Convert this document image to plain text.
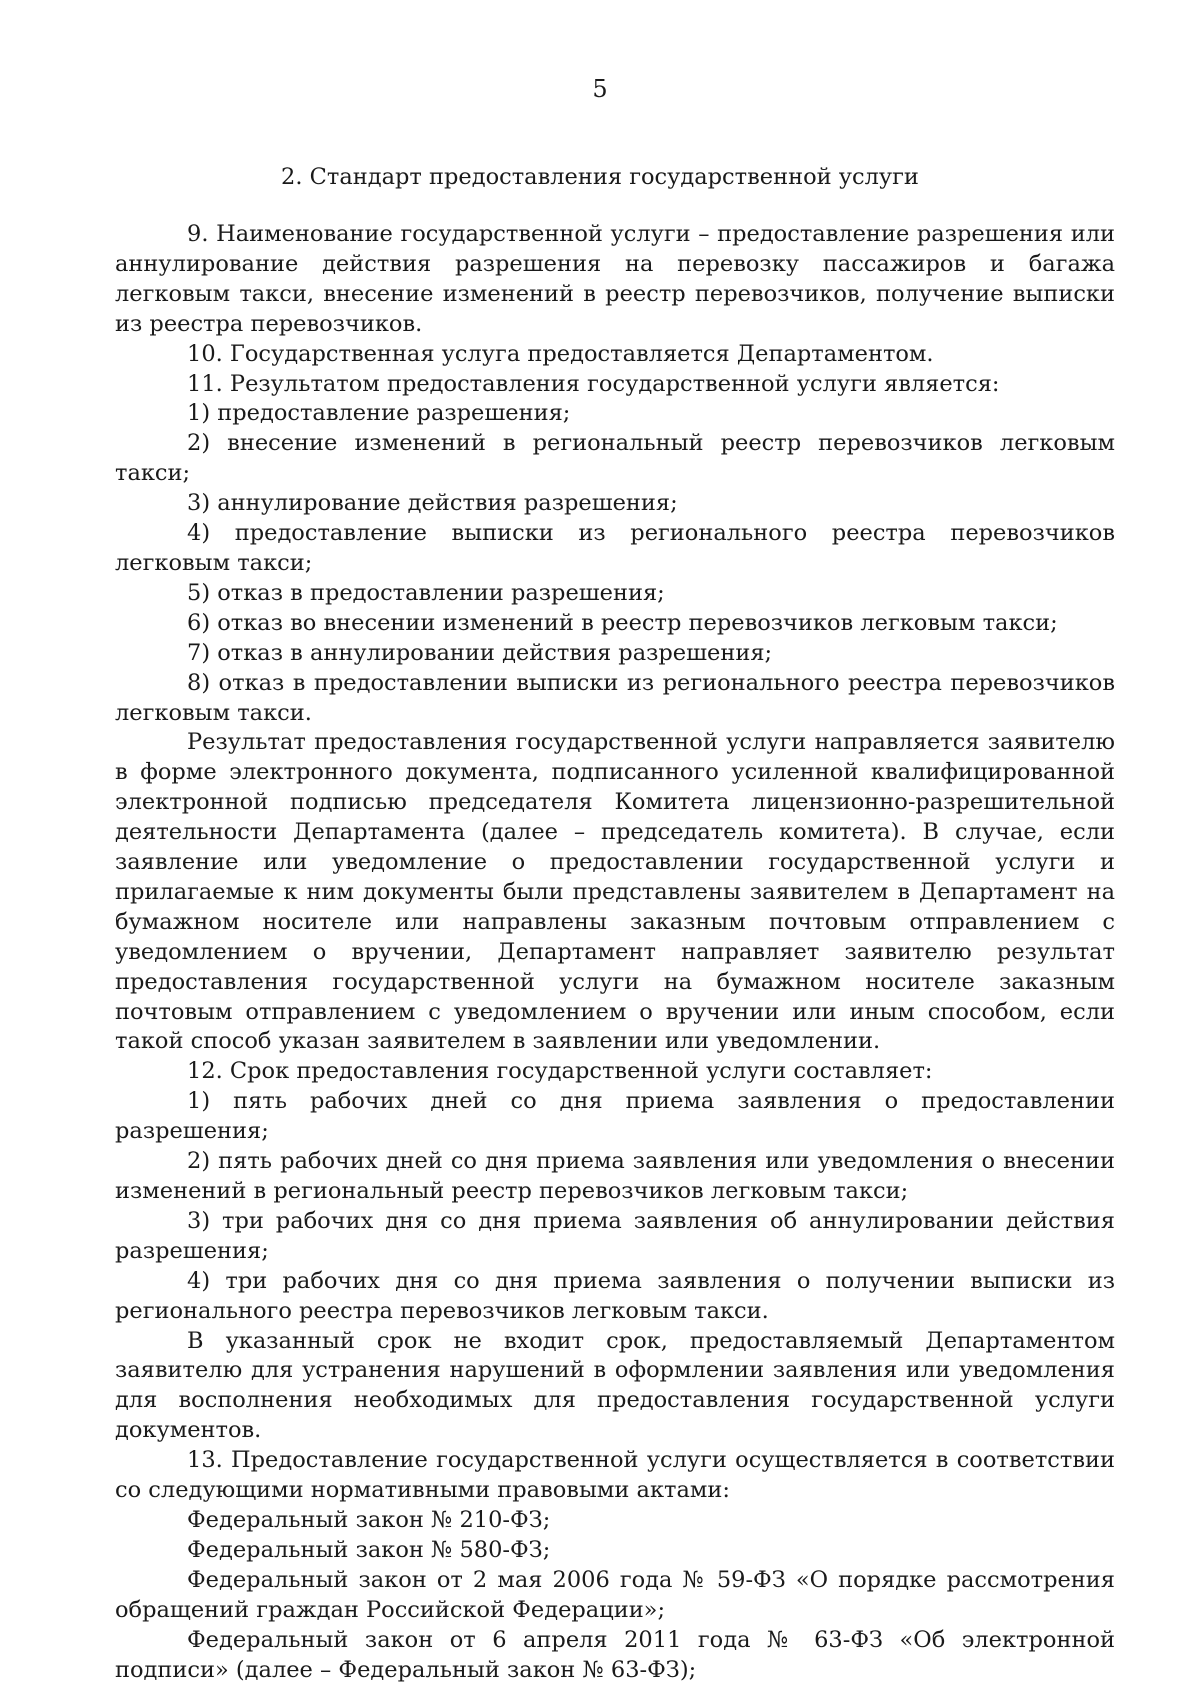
5
2. Стандарт предоставления государственной услуги

9. Наименование государственной услуги – предоставление разрешения или аннулирование действия разрешения на перевозку пассажиров и багажа легковым такси, внесение изменений в реестр перевозчиков, получение выписки из реестра перевозчиков.

10. Государственная услуга предоставляется Департаментом.

11. Результатом предоставления государственной услуги является:

1) предоставление разрешения;

2) внесение изменений в региональный реестр перевозчиков легковым такси;

3) аннулирование действия разрешения;

4) предоставление выписки из регионального реестра перевозчиков легковым такси;

5) отказ в предоставлении разрешения;

6) отказ во внесении изменений в реестр перевозчиков легковым такси;

7) отказ в аннулировании действия разрешения;

8) отказ в предоставлении выписки из регионального реестра перевозчиков легковым такси.

Результат предоставления государственной услуги направляется заявителю в форме электронного документа, подписанного усиленной квалифицированной электронной подписью председателя Комитета лицензионно-разрешительной деятельности Департамента (далее – председатель комитета). В случае, если заявление или уведомление о предоставлении государственной услуги и прилагаемые к ним документы были представлены заявителем в Департамент на бумажном носителе или направлены заказным почтовым отправлением с уведомлением о вручении, Департамент направляет заявителю результат предоставления государственной услуги на бумажном носителе заказным почтовым отправлением с уведомлением о вручении или иным способом, если такой способ указан заявителем в заявлении или уведомлении.

12. Срок предоставления государственной услуги составляет:

1) пять рабочих дней со дня приема заявления о предоставлении разрешения;

2) пять рабочих дней со дня приема заявления или уведомления о внесении изменений в региональный реестр перевозчиков легковым такси;

3) три рабочих дня со дня приема заявления об аннулировании действия разрешения;

4) три рабочих дня со дня приема заявления о получении выписки из регионального реестра перевозчиков легковым такси.

В указанный срок не входит срок, предоставляемый Департаментом заявителю для устранения нарушений в оформлении заявления или уведомления для восполнения необходимых для предоставления государственной услуги документов.

13. Предоставление государственной услуги осуществляется в соответствии со следующими нормативными правовыми актами:

Федеральный закон № 210-ФЗ;

Федеральный закон № 580-ФЗ;

Федеральный закон от 2 мая 2006 года № 59-ФЗ «О порядке рассмотрения обращений граждан Российской Федерации»;

Федеральный закон от 6 апреля 2011 года № 63-ФЗ «Об электронной подписи» (далее – Федеральный закон № 63-ФЗ);
